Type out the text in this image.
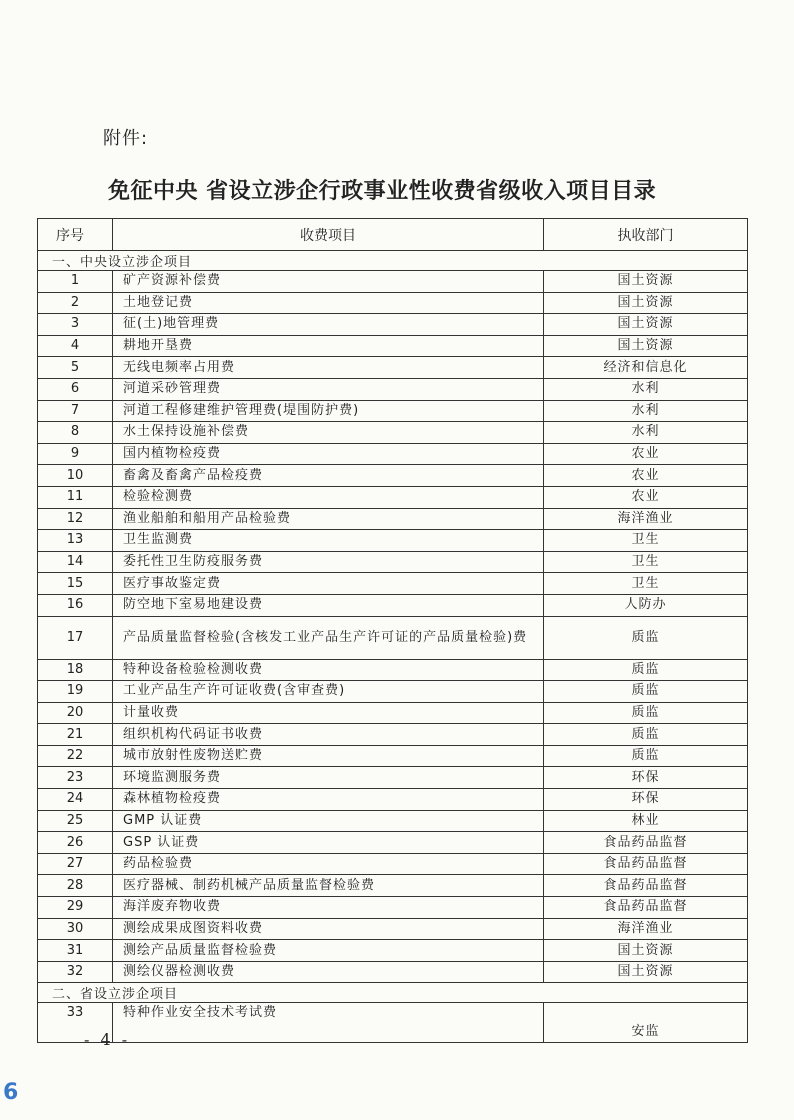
附件:
免征中央 省设立涉企行政事业性收费省级收入项目目录
序号	收费项目	执收部门
一、中央设立涉企项目		
1	矿产资源补偿费	国土资源
2	土地登记费	国土资源
3	征(土)地管理费	国土资源
4	耕地开垦费	国土资源
5	无线电频率占用费	经济和信息化
6	河道采砂管理费	水利
7	河道工程修建维护管理费(堤围防护费)	水利
8	水土保持设施补偿费	水利
9	国内植物检疫费	农业
10	畜禽及畜禽产品检疫费	农业
11	检验检测费	农业
12	渔业船舶和船用产品检验费	海洋渔业
13	卫生监测费	卫生
14	委托性卫生防疫服务费	卫生
15	医疗事故鉴定费	卫生
16	防空地下室易地建设费	人防办
17	产品质量监督检验(含核发工业产品生产许可证的产品质量检验)费	质监
18	特种设备检验检测收费	质监
19	工业产品生产许可证收费(含审查费)	质监
20	计量收费	质监
21	组织机构代码证书收费	质监
22	城市放射性废物送贮费	质监
23	环境监测服务费	环保
24	森林植物检疫费	环保
25	GMP 认证费	林业
26	GSP 认证费	食品药品监督
27	药品检验费	食品药品监督
28	医疗器械、制药机械产品质量监督检验费	食品药品监督
29	海洋废弃物收费	食品药品监督
30	测绘成果成图资料收费	海洋渔业
31	测绘产品质量监督检验费	国土资源
32	测绘仪器检测收费	国土资源
二、省设立涉企项目		
33	特种作业安全技术考试费	安监
- 4 -
6
